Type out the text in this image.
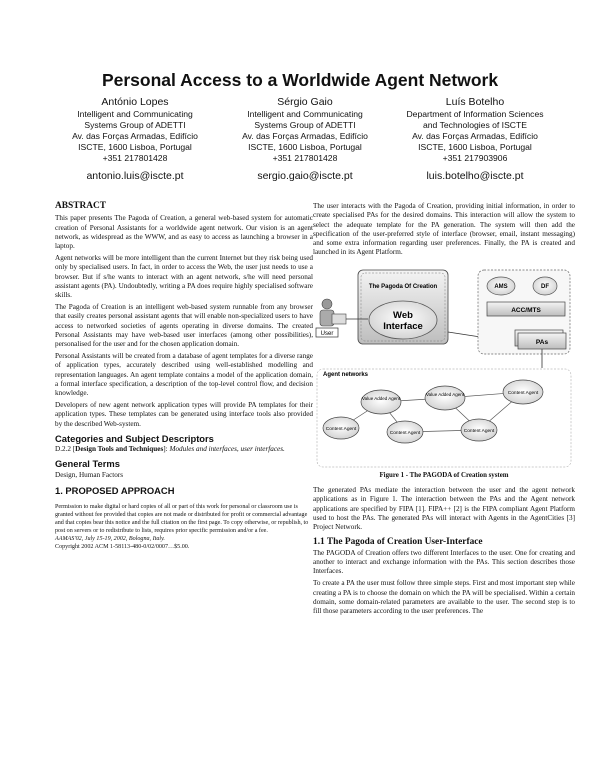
Personal Access to a Worldwide Agent Network
António Lopes
Intelligent and Communicating
Systems Group of ADETTI
Av. das Forças Armadas, Edifício
ISCTE, 1600 Lisboa, Portugal
+351 217801428
antonio.luis@iscte.pt
Sérgio Gaio
Intelligent and Communicating
Systems Group of ADETTI
Av. das Forças Armadas, Edifício
ISCTE, 1600 Lisboa, Portugal
+351 217801428
sergio.gaio@iscte.pt
Luís Botelho
Department of Information Sciences
and Technologies of ISCTE
Av. das Forças Armadas, Edifício
ISCTE, 1600 Lisboa, Portugal
+351 217903906
luis.botelho@iscte.pt
ABSTRACT

This paper presents The Pagoda of Creation, a general web-based system for automatic creation of Personal Assistants for a worldwide agent network. Our vision is an agent network, as widespread as the WWW, and as easy to access as launching a browser in a laptop.

Agent networks will be more intelligent than the current Internet but they risk being used only by specialised users. In fact, in order to access the Web, the user just needs to use a browser. But if s/he wants to interact with an agent network, s/he will need personal assistant agents (PA). Undoubtedly, writing a PA does require highly specialised software skills.

The Pagoda of Creation is an intelligent web-based system runnable from any browser that easily creates personal assistant agents that will enable non-specialized users to have access to networked societies of agents operating in diverse domains. The created Personal Assistants may have web-based user interfaces (among other possibilities), personalised for the user and for the chosen application domain.

Personal Assistants will be created from a database of agent templates for a diverse range of application types, accurately described using well-established modelling and representation languages. An agent template contains a model of the application domain, a formal interface specification, a description of the top-level control flow, and decision knowledge.

Developers of new agent network application types will provide PA templates for their application types. These templates can be generated using interface tools also provided by the described Web-system.

Categories and Subject Descriptors

D.2.2 [Design Tools and Techniques]: Modules and interfaces, user interfaces.

General Terms

Design, Human Factors

1. PROPOSED APPROACH

Permission to make digital or hard copies of all or part of this work for personal or classroom use is granted without fee provided that copies are not made or distributed for profit or commercial advantage and that copies bear this notice and the full citation on the first page. To copy otherwise, or republish, to post on servers or to redistribute to lists, requires prior specific permission and/or a fee.

AAMAS'02, July 15-19, 2002, Bologna, Italy.

Copyright 2002 ACM 1-58113-480-0/02/0007…$5.00.

The user interacts with the Pagoda of Creation, providing initial information, in order to create specialised PAs for the desired domains. This interaction will allow the system to select the adequate template for the PA generation. The system will then add the specification of the user-preferred style of interface (browser, email, instant messaging) and some extra information regarding user preferences. Finally, the PA is created and launched in its Agent Platform.

User
The Pagoda Of Creation
Web
Interface
AMS	DF
ACC/MTS
PAs
Agent networks
Value Added Agent
Value Added Agent	Content Agent
Content Agent
Content Agent	Content Agent
Figure 1 - The PAGODA of Creation system

The generated PAs mediate the interaction between the user and the agent network applications as in Figure 1. The interaction between the PAs and the Agent network applications are specified by FIPA [1]. FIPA++ [2] is the FIPA compliant Agent Platform used to host the PAs. The generated PAs will interact with Agents in the AgentCities [3] Project Network.

1.1 The Pagoda of Creation User-Interface

The PAGODA of Creation offers two different Interfaces to the user. One for creating and another to interact and exchange information with the PAs. This section describes those Interfaces.

To create a PA the user must follow three simple steps. First and most important step while creating a PA is to choose the domain on which the PA will be specialised. Within a certain domain, some domain-related parameters are available to the user. The second step is to fill those parameters according to the user preferences. The
